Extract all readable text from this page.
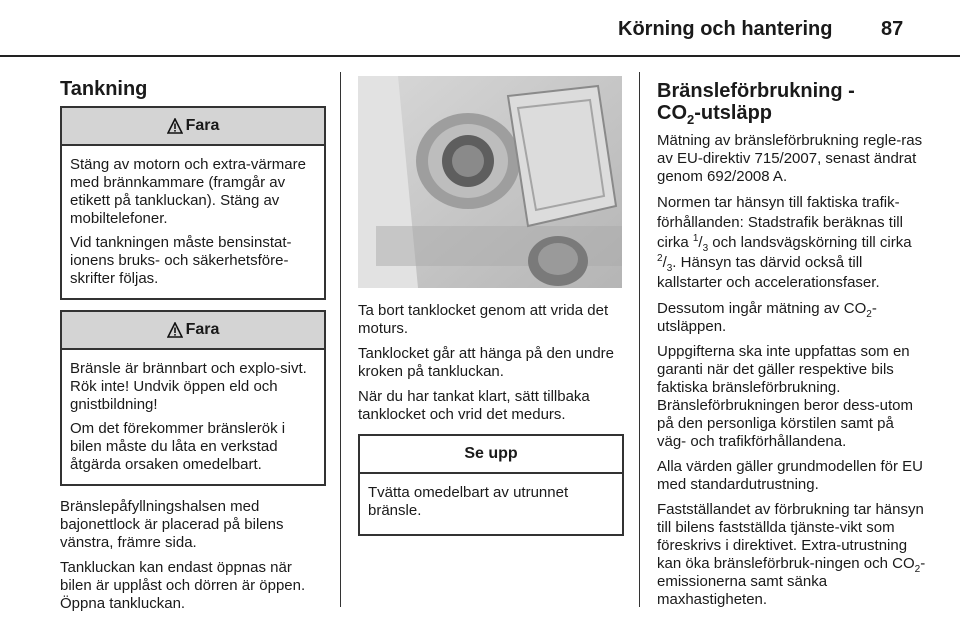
Körning och hantering 87
Tankning
Fara

Stäng av motorn och extra-värmare med brännkammare (framgår av etikett på tankluckan). Stäng av mobiltelefoner.

Vid tankningen måste bensinstat-ionens bruks- och säkerhetsföre-skrifter följas.

Fara

Bränsle är brännbart och explo-sivt. Rök inte! Undvik öppen eld och gnistbildning!

Om det förekommer bränslerök i bilen måste du låta en verkstad åtgärda orsaken omedelbart.

Bränslepåfyllningshalsen med bajonettlock är placerad på bilens vänstra, främre sida.

Tankluckan kan endast öppnas när bilen är upplåst och dörren är öppen. Öppna tankluckan.

Ta bort tanklocket genom att vrida det moturs.

Tanklocket går att hänga på den undre kroken på tankluckan.

När du har tankat klart, sätt tillbaka tanklocket och vrid det medurs.

Se upp

Tvätta omedelbart av utrunnet bränsle.

Bränsleförbrukning -
$CO_2$-utsläpp

Mätning av bränsleförbrukning regle-ras av EU-direktiv 715/2007, senast ändrat genom 692/2008 A.

Normen tar hänsyn till faktiska trafik-förhållanden: Stadstrafik beräknas till cirka $^1/_3$ och landsvägskörning till cirka $^2/_3$. Hänsyn tas därvid också till kallstarter och accelerationsfaser.

Dessutom ingår mätning av $CO_2$-utsläppen.

Uppgifterna ska inte uppfattas som en garanti när det gäller respektive bils faktiska bränsleförbrukning. Bränsleförbrukningen beror dess-utom på den personliga körstilen samt på väg- och trafikförhållandena.

Alla värden gäller grundmodellen för EU med standardutrustning.

Fastställandet av förbrukning tar hänsyn till bilens fastställda tjänste-vikt som föreskrivs i direktivet. Extra-utrustning kan öka bränsleförbruk-ningen och $CO_2$-emissionerna samt sänka maxhastigheten.
